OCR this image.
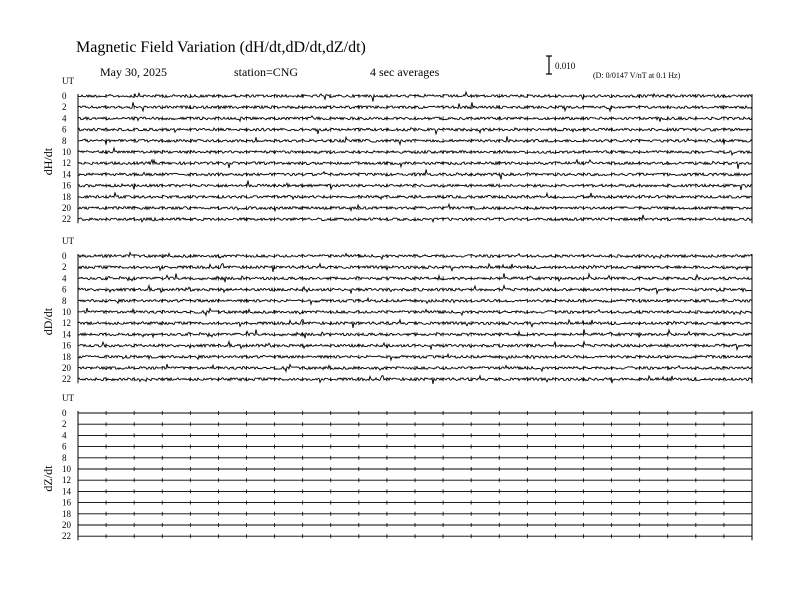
Magnetic Field Variation (dH/dt,dD/dt,dZ/dt)
May 30, 2025	station=CNG	4 sec averages	0.010
(D: 0/0147 V/nT at 0.1 Hz)
UT
dH/dt
0
2
4
6
8
10
12
14
16
18
20
22
UT
dD/dt
0
2
4
6
8
10
12
14
16
18
20
22
UT
dZ/dt
0
2
4
6
8
10
12
14
16
18
20
22
